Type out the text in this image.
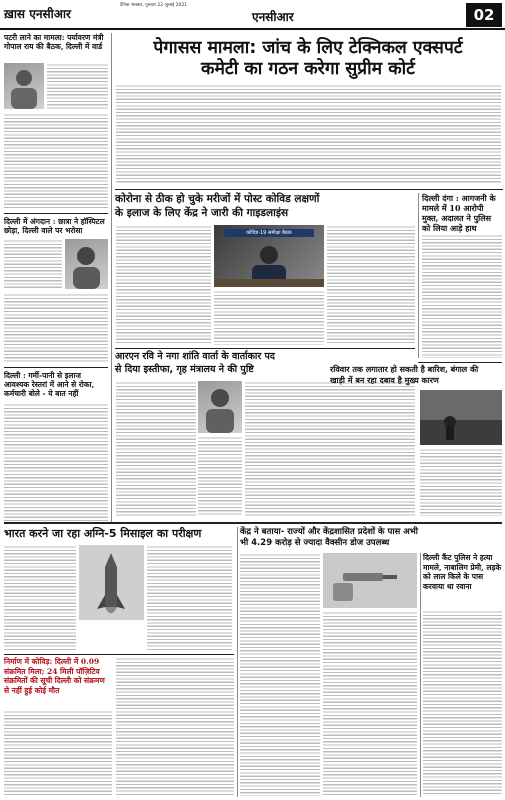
ख़ास एनसीआर
दैनिक भास्कर, गुरुवार 22 जुलाई 2021
एनसीआर	02
पटरी लाने का मामला: पर्यावरण मंत्री गोपाल राय की बैठक, दिल्ली में वार्ड
दिल्ली में अंगदान : छात्रा ने हॉस्पिटल छोड़ा, दिल्ली वाले पर भरोसा
दिल्ली : गर्मी-पानी से इलाज आवश्यक रेस्तरां में आने से रोका, कर्मचारी बोले - ये बात नहीं
पेगासस मामला: जांच के लिए टेक्निकल एक्सपर्ट
कमेटी का गठन करेगा सुप्रीम कोर्ट
कोरोना से ठीक हो चुके मरीजों में पोस्ट कोविड लक्षणों
के इलाज के लिए केंद्र ने जारी की गाइडलाइंस
कोविड-19 समीक्षा बैठक
दिल्ली दंगा : आगजनी के मामले में 10 आरोपी मुक्त, अदालत ने पुलिस को लिया आड़े हाथ
आरएन रवि ने नगा शांति वार्ता के वार्ताकार पद
से दिया इस्तीफा, गृह मंत्रालय ने की पुष्टि	रविवार तक लगातार हो सकती है बारिश, बंगाल की
खाड़ी में बन रहा दबाव है मुख्य कारण
भारत करने जा रहा अग्नि-5 मिसाइल का परीक्षण
निर्माण में कोविड़: दिल्ली में 0.09 संक्रमित मिला; 24 मिली पॉज़िटिव संक्रमितों की सूची दिल्ली को संक्रमण से नहीं हुई कोई मौत
केंद्र ने बताया- राज्यों और केंद्रशासित प्रदेशों के पास अभी
भी 4.29 करोड़ से ज्यादा वैक्सीन डोज उपलब्ध
दिल्ली कैंट पुलिस ने हत्या मामले, नाबालिग प्रेमी, लड़के को लाल किले के पास करवाया था रवाना
